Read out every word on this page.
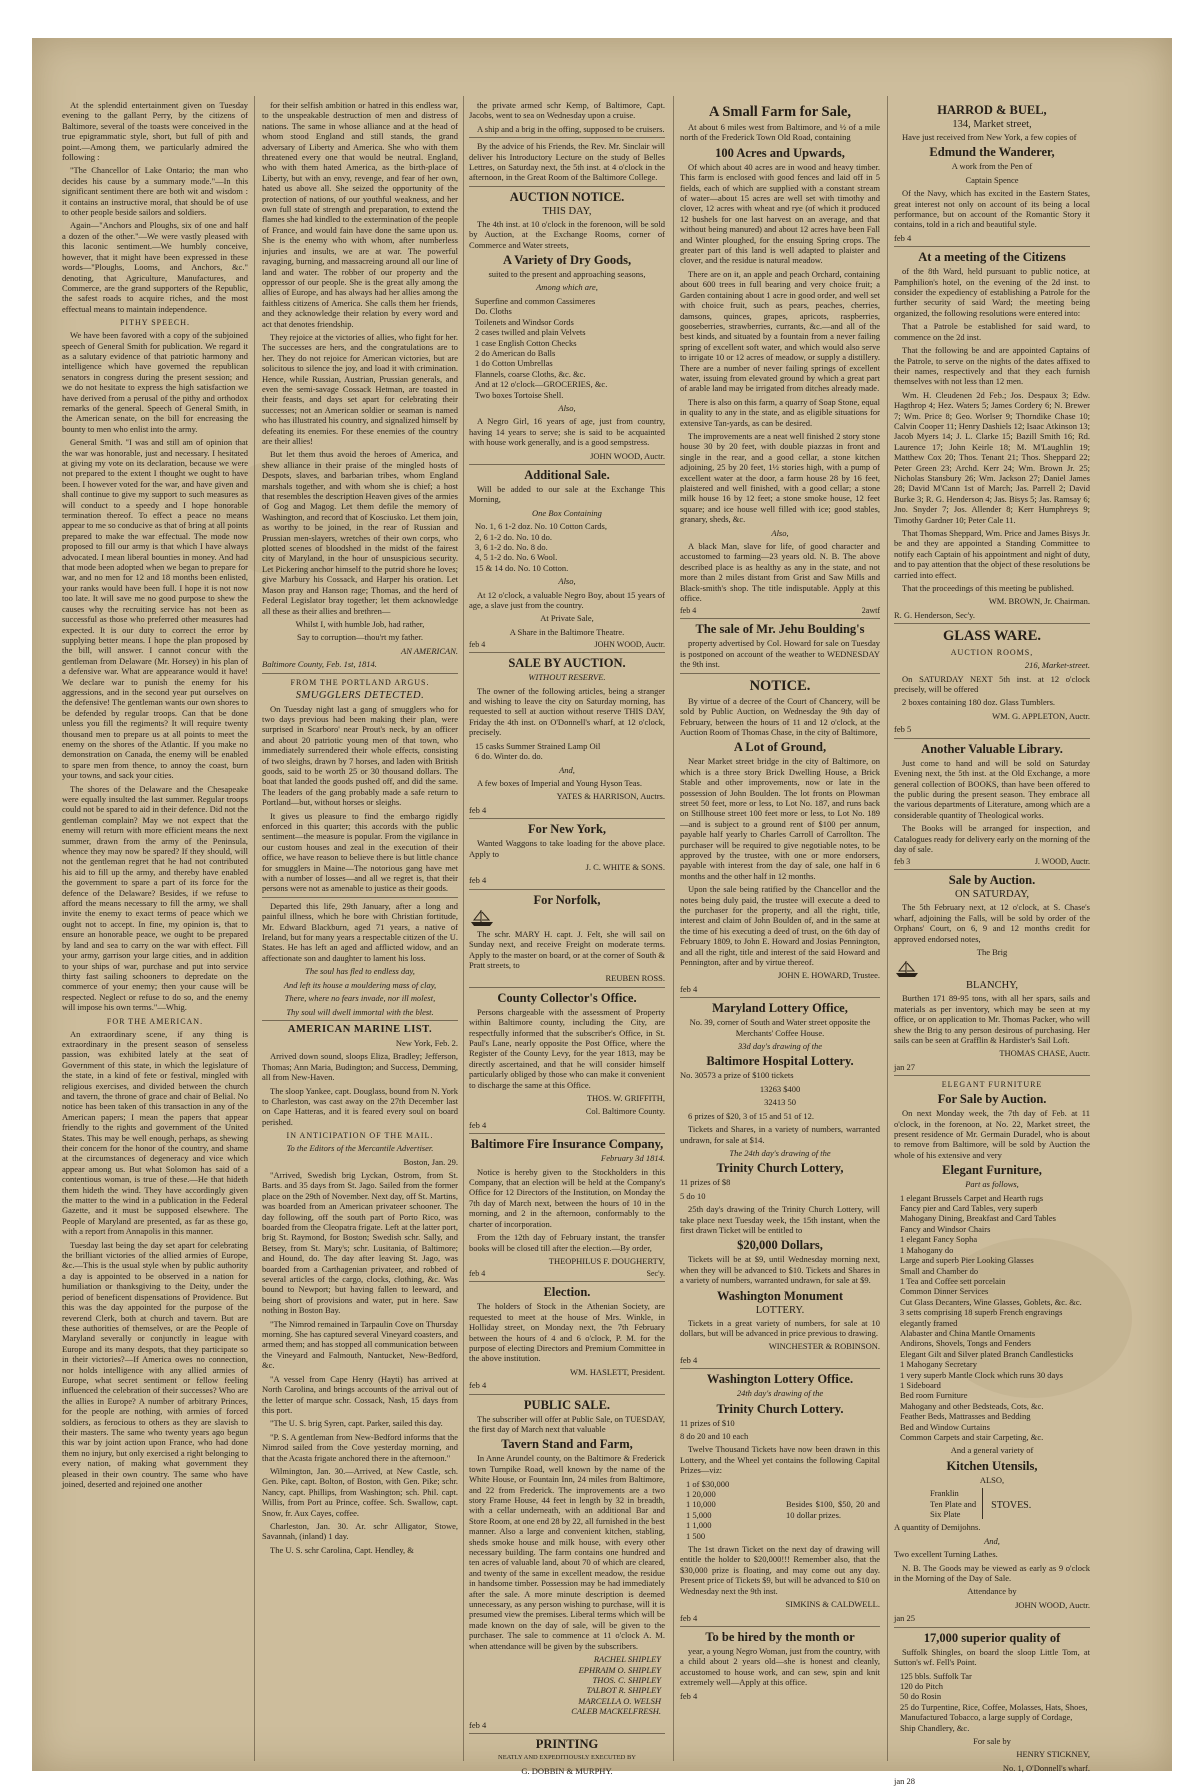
At the splendid entertainment given on Tuesday evening to the gallant Perry, by the citizens of Baltimore, several of the toasts were conceived in the true epigrammatic style, short, but full of pith and point.—Among them, we particularly admired the following :

"The Chancellor of Lake Ontario; the man who decides his cause by a summary mode."—In this significant sentiment there are both wit and wisdom : it contains an instructive moral, that should be of use to other people beside sailors and soldiers.

Again—"Anchors and Ploughs, six of one and half a dozen of the other."—We were vastly pleased with this laconic sentiment.—We humbly conceive, however, that it might have been expressed in these words—"Ploughs, Looms, and Anchors, &c." denoting, that Agriculture, Manufactures, and Commerce, are the grand supporters of the Republic, the safest roads to acquire riches, and the most effectual means to maintain independence.

PITHY SPEECH.

We have been favored with a copy of the subjoined speech of General Smith for publication. We regard it as a salutary evidence of that patriotic harmony and intelligence which have governed the republican senators in congress during the present session; and we do not hesitate to express the high satisfaction we have derived from a perusal of the pithy and orthodox remarks of the general. Speech of General Smith, in the American senate, on the bill for encreasing the bounty to men who enlist into the army.

General Smith. "I was and still am of opinion that the war was honorable, just and necessary. I hesitated at giving my vote on its declaration, because we were not prepared to the extent I thought we ought to have been. I however voted for the war, and have given and shall continue to give my support to such measures as will conduct to a speedy and I hope honorable termination thereof. To effect a peace no means appear to me so conducive as that of bring at all points prepared to make the war effectual. The mode now proposed to fill our army is that which I have always advocated. I mean liberal bounties in money. And had that mode been adopted when we began to prepare for war, and no men for 12 and 18 months been enlisted, your ranks would have been full. I hope it is not now too late. It will save me no good purpose to shew the causes why the recruiting service has not been as successful as those who preferred other measures had expected. It is our duty to correct the error by supplying better means. I hope the plan proposed by the bill, will answer. I cannot concur with the gentleman from Delaware (Mr. Horsey) in his plan of a defensive war. What are appearance would it have! We declare war to punish the enemy for his aggressions, and in the second year put ourselves on the defensive! The gentleman wants our own shores to be defended by regular troops. Can that be done unless you fill the regiments? It will require twenty thousand men to prepare us at all points to meet the enemy on the shores of the Atlantic. If you make no demonstration on Canada, the enemy will be enabled to spare men from thence, to annoy the coast, burn your towns, and sack your cities.

The shores of the Delaware and the Chesapeake were equally insulted the last summer. Regular troops could not be spared to aid in their defence. Did not the gentleman complain? May we not expect that the enemy will return with more efficient means the next summer, drawn from the army of the Peninsula, whence they may now be spared? If they should, will not the gentleman regret that he had not contributed his aid to fill up the army, and thereby have enabled the government to spare a part of its force for the defence of the Delaware? Besides, if we refuse to afford the means necessary to fill the army, we shall invite the enemy to exact terms of peace which we ought not to accept. In fine, my opinion is, that to ensure an honorable peace, we ought to be prepared by land and sea to carry on the war with effect. Fill your army, garrison your large cities, and in addition to your ships of war, purchase and put into service thirty fast sailing schooners to depredate on the commerce of your enemy; then your cause will be respected. Neglect or refuse to do so, and the enemy will impose his own terms."—Whig.

FOR THE AMERICAN.

An extraordinary scene, if any thing is extraordinary in the present season of senseless passion, was exhibited lately at the seat of Government of this state, in which the legislature of the state, in a kind of fete or festival, mingled with religious exercises, and divided between the church and tavern, the throne of grace and chair of Belial. No notice has been taken of this transaction in any of the American papers; I mean the papers that appear friendly to the rights and government of the United States. This may be well enough, perhaps, as shewing their concern for the honor of the country, and shame at the circumstances of degeneracy and vice which appear among us. But what Solomon has said of a contentious woman, is true of these.—He that hideth them hideth the wind. They have accordingly given the matter to the wind in a publication in the Federal Gazette, and it must be supposed elsewhere. The People of Maryland are presented, as far as these go, with a report from Annapolis in this manner.

Tuesday last being the day set apart for celebrating the brilliant victories of the allied armies of Europe, &c.—This is the usual style when by public authority a day is appointed to be observed in a nation for humiliation or thanksgiving to the Deity, under the period of beneficent dispensations of Providence. But this was the day appointed for the purpose of the reverend Clerk, both at church and tavern. But are these authorities of themselves, or are the People of Maryland severally or conjunctly in league with Europe and its many despots, that they participate so in their victories?—If America owes no connection, nor holds intelligence with any allied armies of Europe, what secret sentiment or fellow feeling influenced the celebration of their successes? Who are the allies in Europe? A number of arbitrary Princes, for the people are nothing, with armies of forced soldiers, as ferocious to others as they are slavish to their masters. The same who twenty years ago begun this war by joint action upon France, who had done them no injury, but only exercised a right belonging to every nation, of making what government they pleased in their own country. The same who have joined, deserted and rejoined one another

for their selfish ambition or hatred in this endless war, to the unspeakable destruction of men and distress of nations. The same in whose alliance and at the head of whom stood England and still stands, the grand adversary of Liberty and America. She who with them threatened every one that would be neutral. England, who with them hated America, as the birth-place of Liberty, but with an envy, revenge, and fear of her own, hated us above all. She seized the opportunity of the protection of nations, of our youthful weakness, and her own full state of strength and preparation, to extend the flames she had kindled to the extermination of the people of France, and would fain have done the same upon us. She is the enemy who with whom, after numberless injuries and insults, we are at war. The powerful ravaging, burning, and massacreing around all our line of land and water. The robber of our property and the oppressor of our people. She is the great ally among the allies of Europe, and has always had her allies among the faithless citizens of America. She calls them her friends, and they acknowledge their relation by every word and act that denotes friendship.

They rejoice at the victories of allies, who fight for her. The successes are hers, and the congratulations are to her. They do not rejoice for American victories, but are solicitous to silence the joy, and load it with crimination. Hence, while Russian, Austrian, Prussian generals, and even the semi-savage Cossack Hetman, are toasted in their feasts, and days set apart for celebrating their successes; not an American soldier or seaman is named who has illustrated his country, and signalized himself by defeating its enemies. For these enemies of the country are their allies!

But let them thus avoid the heroes of America, and shew alliance in their praise of the mingled hosts of Despots, slaves, and barbarian tribes, whom England marshals together, and with whom she is chief; a host that resembles the description Heaven gives of the armies of Gog and Magog. Let them defile the memory of Washington, and record that of Kosciusko. Let them join, as worthy to be joined, in the rear of Russian and Prussian men-slayers, wretches of their own corps, who plotted scenes of bloodshed in the midst of the fairest city of Maryland, in the hour of unsuspicious security. Let Pickering anchor himself to the putrid shore he loves; give Marbury his Cossack, and Harper his oration. Let Mason pray and Hanson rage; Thomas, and the herd of Federal Legislator bray together; let them acknowledge all these as their allies and brethren—

Whilst I, with humble Job, had rather,

Say to corruption—thou'rt my father.

AN AMERICAN.

Baltimore County, Feb. 1st, 1814.

FROM THE PORTLAND ARGUS.
SMUGGLERS DETECTED.

On Tuesday night last a gang of smugglers who for two days previous had been making their plan, were surprised in Scarboro' near Prout's neck, by an officer and about 20 patriotic young men of that town, who immediately surrendered their whole effects, consisting of two sleighs, drawn by 7 horses, and laden with British goods, said to be worth 25 or 30 thousand dollars. The boat that landed the goods pushed off, and did the same. The leaders of the gang probably made a safe return to Portland—but, without horses or sleighs.

It gives us pleasure to find the embargo rigidly enforced in this quarter; this accords with the public sentiment—the measure is popular. From the vigilance in our custom houses and zeal in the execution of their office, we have reason to believe there is but little chance for smugglers in Maine—The notorious gang have met with a number of losses—and all we regret is, that their persons were not as amenable to justice as their goods.

Departed this life, 29th January, after a long and painful illness, which he bore with Christian fortitude, Mr. Edward Blackburn, aged 71 years, a native of Ireland, but for many years a respectable citizen of the U. States. He has left an aged and afflicted widow, and an affectionate son and daughter to lament his loss.

The soul has fled to endless day,

And left its house a mouldering mass of clay,

There, where no fears invade, nor ill molest,

Thy soul will dwell immortal with the blest.

AMERICAN MARINE LIST.

New York, Feb. 2.

Arrived down sound, sloops Eliza, Bradley; Jefferson, Thomas; Ann Maria, Budington; and Success, Demming, all from New-Haven.

The sloop Yankee, capt. Douglass, bound from N. York to Charleston, was cast away on the 27th December last on Cape Hatteras, and it is feared every soul on board perished.

IN ANTICIPATION OF THE MAIL.

To the Editors of the Mercantile Advertiser.

Boston, Jan. 29.

"Arrived, Swedish brig Lyckan, Ostrom, from St. Barts. and 35 days from St. Jago. Sailed from the former place on the 29th of November. Next day, off St. Martins, was boarded from an American privateer schooner. The day following, off the south part of Porto Rico, was boarded from the Cleopatra frigate. Left at the latter port, brig St. Raymond, for Boston; Swedish schr. Sally, and Betsey, from St. Mary's; schr. Lusitania, of Baltimore; and Hound, do. The day after leaving St. Jago, was boarded from a Carthagenian privateer, and robbed of several articles of the cargo, clocks, clothing, &c. Was bound to Newport; but having fallen to leeward, and being short of provisions and water, put in here. Saw nothing in Boston Bay.

"The Nimrod remained in Tarpaulin Cove on Thursday morning. She has captured several Vineyard coasters, and armed them; and has stopped all communication between the Vineyard and Falmouth, Nantucket, New-Bedford, &c.

"A vessel from Cape Henry (Hayti) has arrived at North Carolina, and brings accounts of the arrival out of the letter of marque schr. Cossack, Nash, 15 days from this port.

"The U. S. brig Syren, capt. Parker, sailed this day.

"P. S. A gentleman from New-Bedford informs that the Nimrod sailed from the Cove yesterday morning, and that the Acasta frigate anchored there in the afternoon."

Wilmington, Jan. 30.—Arrived, at New Castle, sch. Gen. Pike, capt. Bolton, of Boston, with Gen. Pike; schr. Nancy, capt. Phillips, from Washington; sch. Phil. capt. Willis, from Port au Prince, coffee. Sch. Swallow, capt. Snow, fr. Aux Cayes, coffee.

Charleston, Jan. 30. Ar. schr Alligator, Stowe, Savannah, (inland) 1 day.

The U. S. schr Carolina, Capt. Hendley, &

the private armed schr Kemp, of Baltimore, Capt. Jacobs, went to sea on Wednesday upon a cruise.

A ship and a brig in the offing, supposed to be cruisers.

By the advice of his Friends, the Rev. Mr. Sinclair will deliver his Introductory Lecture on the study of Belles Lettres, on Saturday next, the 5th inst. at 4 o'clock in the afternoon, in the Great Room of the Baltimore College.

AUCTION NOTICE.
THIS DAY,

The 4th inst. at 10 o'clock in the forenoon, will be sold by Auction, at the Exchange Rooms, corner of Commerce and Water streets,

A Variety of Dry Goods,

suited to the present and approaching seasons,

Among which are,

Superfine and common Cassimeres
Do. Cloths
Toilenets and Windsor Cords
2 cases twilled and plain Velvets
1 case English Cotton Checks
2 do American do Balls
1 do Cotton Umbrellas
Flannels, coarse Cloths, &c. &c.
And at 12 o'clock—GROCERIES, &c.
Two boxes Tortoise Shell.

Also,

A Negro Girl, 16 years of age, just from country, having 14 years to serve; she is said to be acquainted with house work generally, and is a good sempstress.

JOHN WOOD, Auctr.

Additional Sale.

Will be added to our sale at the Exchange This Morning,

One Box Containing

No. 1, 6 1-2 doz. No. 10 Cotton Cards,
2, 6 1-2 do. No. 10 do.
3, 6 1-2 do. No. 8 do.
4, 5 1-2 do. No. 6 Wool.
15 & 14 do. No. 10 Cotton.

Also,

At 12 o'clock, a valuable Negro Boy, about 15 years of age, a slave just from the country.

At Private Sale,

A Share in the Baltimore Theatre.

feb 4	JOHN WOOD, Auctr.
SALE BY AUCTION.

WITHOUT RESERVE.

The owner of the following articles, being a stranger and wishing to leave the city on Saturday morning, has requested to sell at auction without reserve THIS DAY, Friday the 4th inst. on O'Donnell's wharf, at 12 o'clock, precisely.

15 casks Summer Strained Lamp Oil
6 do. Winter do. do.

And,

A few boxes of Imperial and Young Hyson Teas.

YATES & HARRISON, Auctrs.

feb 4

For New York,

Wanted Waggons to take loading for the above place. Apply to

J. C. WHITE & SONS.

feb 4

For Norfolk,

The schr. MARY H. capt. J. Felt, she will sail on Sunday next, and receive Freight on moderate terms. Apply to the master on board, or at the corner of South & Pratt streets, to

REUBEN ROSS.

County Collector's Office.

Persons chargeable with the assessment of Property within Baltimore county, including the City, are respectfully informed that the subscriber's Office, in St. Paul's Lane, nearly opposite the Post Office, where the Register of the County Levy, for the year 1813, may be directly ascertained, and that he will consider himself particularly obliged by those who can make it convenient to discharge the same at this Office.

THOS. W. GRIFFITH,

Col. Baltimore County.

feb 4

Baltimore Fire Insurance Company,

February 3d 1814.

Notice is hereby given to the Stockholders in this Company, that an election will be held at the Company's Office for 12 Directors of the Institution, on Monday the 7th day of March next, between the hours of 10 in the morning, and 2 in the afternoon, conformably to the charter of incorporation.

From the 12th day of February instant, the transfer books will be closed till after the election.—By order,

THEOPHILUS F. DOUGHERTY,

feb 4	Sec'y.
Election.

The holders of Stock in the Athenian Society, are requested to meet at the house of Mrs. Winkle, in Holliday street, on Monday next, the 7th February between the hours of 4 and 6 o'clock, P. M. for the purpose of electing Directors and Premium Committee in the above institution.

WM. HASLETT, President.

feb 4

PUBLIC SALE.

The subscriber will offer at Public Sale, on TUESDAY, the first day of March next that valuable

Tavern Stand and Farm,

In Anne Arundel county, on the Baltimore & Frederick town Turnpike Road, well known by the name of the White House, or Fountain Inn, 24 miles from Baltimore, and 22 from Frederick. The improvements are a two story Frame House, 44 feet in length by 32 in breadth, with a cellar underneath, with an additional Bar and Store Room, at one end 28 by 22, all furnished in the best manner. Also a large and convenient kitchen, stabling, sheds smoke house and milk house, with every other necessary building. The farm contains one hundred and ten acres of valuable land, about 70 of which are cleared, and twenty of the same in excellent meadow, the residue in handsome timber. Possession may be had immediately after the sale. A more minute description is deemed unnecessary, as any person wishing to purchase, will it is presumed view the premises. Liberal terms which will be made known on the day of sale, will be given to the purchaser. The sale to commence at 11 o'clock A. M. when attendance will be given by the subscribers.

RACHEL SHIPLEY
EPHRAIM O. SHIPLEY
THOS. C. SHIPLEY
TALBOT R. SHIPLEY
MARCELLA O. WELSH
CALEB MACKELFRESH.

feb 4

PRINTING

NEATLY AND EXPEDITIOUSLY EXECUTED BY

G. DOBBIN & MURPHY.

A Small Farm for Sale,

At about 6 miles west from Baltimore, and ½ of a mile north of the Frederick Town Old Road, containing

100 Acres and Upwards,

Of which about 40 acres are in wood and heavy timber. This farm is enclosed with good fences and laid off in 5 fields, each of which are supplied with a constant stream of water—about 15 acres are well set with timothy and clover, 12 acres with wheat and rye (of which it produced 12 bushels for one last harvest on an average, and that without being manured) and about 12 acres have been Fall and Winter ploughed, for the ensuing Spring crops. The greater part of this land is well adapted to plaister and clover, and the residue is natural meadow.

There are on it, an apple and peach Orchard, containing about 600 trees in full bearing and very choice fruit; a Garden containing about 1 acre in good order, and well set with choice fruit, such as pears, peaches, cherries, damsons, quinces, grapes, apricots, raspberries, gooseberries, strawberries, currants, &c.—and all of the best kinds, and situated by a fountain from a never failing spring of excellent soft water, and which would also serve to irrigate 10 or 12 acres of meadow, or supply a distillery. There are a number of never failing springs of excellent water, issuing from elevated ground by which a great part of arable land may be irrigated from ditches already made.

There is also on this farm, a quarry of Soap Stone, equal in quality to any in the state, and as eligible situations for extensive Tan-yards, as can be desired.

The improvements are a neat well finished 2 story stone house 30 by 20 feet, with double piazzas in front and single in the rear, and a good cellar, a stone kitchen adjoining, 25 by 20 feet, 1½ stories high, with a pump of excellent water at the door, a farm house 28 by 16 feet, plaistered and well finished, with a good cellar; a stone milk house 16 by 12 feet; a stone smoke house, 12 feet square; and ice house well filled with ice; good stables, granary, sheds, &c.

Also,

A black Man, slave for life, of good character and accustomed to farming—23 years old. N. B. The above described place is as healthy as any in the state, and not more than 2 miles distant from Grist and Saw Mills and Black-smith's shop. The title indisputable. Apply at this office.

feb 4	2awtf
The sale of Mr. Jehu Boulding's

property advertised by Col. Howard for sale on Tuesday is postponed on account of the weather to WEDNESDAY the 9th inst.

NOTICE.

By virtue of a decree of the Court of Chancery, will be sold by Public Auction, on Wednesday the 9th day of February, between the hours of 11 and 12 o'clock, at the Auction Room of Thomas Chase, in the city of Baltimore,

A Lot of Ground,

Near Market street bridge in the city of Baltimore, on which is a three story Brick Dwelling House, a Brick Stable and other improvements, now or late in the possession of John Boulden. The lot fronts on Plowman street 50 feet, more or less, to Lot No. 187, and runs back on Stillhouse street 100 feet more or less, to Lot No. 189—and is subject to a ground rent of $100 per annum, payable half yearly to Charles Carroll of Carrollton. The purchaser will be required to give negotiable notes, to be approved by the trustee, with one or more endorsers, payable with interest from the day of sale, one half in 6 months and the other half in 12 months.

Upon the sale being ratified by the Chancellor and the notes being duly paid, the trustee will execute a deed to the purchaser for the property, and all the right, title, interest and claim of John Boulden of, and in the same at the time of his executing a deed of trust, on the 6th day of February 1809, to John E. Howard and Josias Pennington, and all the right, title and interest of the said Howard and Pennington, after and by virtue thereof.

JOHN E. HOWARD, Trustee.

feb 4

Maryland Lottery Office,

No. 39, corner of South and Water street opposite the Merchants' Coffee House.

33d day's drawing of the

Baltimore Hospital Lottery.

No. 30573 a prize of $100 tickets

13263 $400

32413 50

6 prizes of $20, 3 of 15 and 51 of 12.

Tickets and Shares, in a variety of numbers, warranted undrawn, for sale at $14.

The 24th day's drawing of the

Trinity Church Lottery,

11 prizes of $8

5 do 10

25th day's drawing of the Trinity Church Lottery, will take place next Tuesday week, the 15th instant, when the first drawn Ticket will be entitled to

$20,000 Dollars,

Tickets will be at $9, until Wednesday morning next, when they will be advanced to $10. Tickets and Shares in a variety of numbers, warranted undrawn, for sale at $9.

Washington Monument
LOTTERY.

Tickets in a great variety of numbers, for sale at 10 dollars, but will be advanced in price previous to drawing.

WINCHESTER & ROBINSON.

feb 4

Washington Lottery Office.

24th day's drawing of the

Trinity Church Lottery.

11 prizes of $10

8 do 20 and 10 each

Twelve Thousand Tickets have now been drawn in this Lottery, and the Wheel yet contains the following Capital Prizes—viz:

1 of $30,000
1 20,000
1 10,000
1 5,000
1 1,000
1 500

Besides $100, $50, 20 and 10 dollar prizes.

The 1st drawn Ticket on the next day of drawing will entitle the holder to $20,000!!! Remember also, that the $30,000 prize is floating, and may come out any day. Present price of Tickets $9, but will be advanced to $10 on Wednesday next the 9th inst.

SIMKINS & CALDWELL.

feb 4

To be hired by the month or

year, a young Negro Woman, just from the country, with a child about 2 years old—she is honest and cleanly, accustomed to house work, and can sew, spin and knit extremely well—Apply at this office.

feb 4

HARROD & BUEL,
134, Market street,

Have just received from New York, a few copies of

Edmund the Wanderer,

A work from the Pen of

Captain Spence

Of the Navy, which has excited in the Eastern States, great interest not only on account of its being a local performance, but on account of the Romantic Story it contains, told in a rich and beautiful style.

feb 4

At a meeting of the Citizens

of the 8th Ward, held pursuant to public notice, at Pamphilion's hotel, on the evening of the 2d inst. to consider the expediency of establishing a Patrole for the further security of said Ward; the meeting being organized, the following resolutions were entered into:

That a Patrole be established for said ward, to commence on the 2d inst.

That the following be and are appointed Captains of the Patrole, to serve on the nights of the dates affixed to their names, respectively and that they each furnish themselves with not less than 12 men.

Wm. H. Cleudenen 2d Feb.; Jos. Despaux 3; Edw. Hagthrop 4; Hez. Waters 5; James Cordery 6; N. Brewer 7; Wm. Price 8; Geo. Worlser 9; Thorndike Chase 10; Calvin Cooper 11; Henry Dashiels 12; Isaac Atkinson 13; Jacob Myers 14; J. L. Clarke 15; Bazill Smith 16; Rd. Laurence 17; John Keirle 18; M. M'Laughlin 19; Matthew Cox 20; Thos. Tenant 21; Thos. Sheppard 22; Peter Green 23; Archd. Kerr 24; Wm. Brown Jr. 25; Nicholas Stansbury 26; Wm. Jackson 27; Daniel James 28; David M'Cann 1st of March; Jas. Parrell 2; David Burke 3; R. G. Henderson 4; Jas. Bisys 5; Jas. Ramsay 6; Jno. Snyder 7; Jos. Allender 8; Kerr Humphreys 9; Timothy Gardner 10; Peter Cale 11.

That Thomas Sheppard, Wm. Price and James Bisys Jr. be and they are appointed a Standing Committee to notify each Captain of his appointment and night of duty, and to pay attention that the object of these resolutions be carried into effect.

That the proceedings of this meeting be published.

WM. BROWN, Jr. Chairman.

R. G. Henderson, Sec'y.

GLASS WARE.
AUCTION ROOMS,

216, Market-street.

On SATURDAY NEXT 5th inst. at 12 o'clock precisely, will be offered

2 boxes containing 180 doz. Glass Tumblers.

WM. G. APPLETON, Auctr.

feb 5

Another Valuable Library.

Just come to hand and will be sold on Saturday Evening next, the 5th inst. at the Old Exchange, a more general collection of BOOKS, than have been offered to the public during the present season. They embrace all the various departments of Literature, among which are a considerable quantity of Theological works.

The Books will be arranged for inspection, and Catalogues ready for delivery early on the morning of the day of sale.

feb 3	J. WOOD, Auctr.
Sale by Auction.
ON SATURDAY,

The 5th February next, at 12 o'clock, at S. Chase's wharf, adjoining the Falls, will be sold by order of the Orphans' Court, on 6, 9 and 12 months credit for approved endorsed notes,

The Brig

BLANCHY,

Burthen 171 89-95 tons, with all her spars, sails and materials as per inventory, which may be seen at my office, or on application to Mr. Thomas Packer, who will shew the Brig to any person desirous of purchasing. Her sails can be seen at Grafflin & Hardister's Sail Loft.

THOMAS CHASE, Auctr.

jan 27

ELEGANT FURNITURE
For Sale by Auction.

On next Monday week, the 7th day of Feb. at 11 o'clock, in the forenoon, at No. 22, Market street, the present residence of Mr. Germain Duradel, who is about to remove from Baltimore, will be sold by Auction the whole of his extensive and very

Elegant Furniture,

Part as follows,

1 elegant Brussels Carpet and Hearth rugs
Fancy pier and Card Tables, very superb
Mahogany Dining, Breakfast and Card Tables
Fancy and Windsor Chairs
1 elegant Fancy Sopha
1 Mahogany do
Large and superb Pier Looking Glasses
Small and Chamber do
1 Tea and Coffee sett porcelain
Common Dinner Services
Cut Glass Decanters, Wine Glasses, Goblets, &c. &c.
3 setts comprising 18 superb French engravings elegantly framed
Alabaster and China Mantle Ornaments
Andirons, Shovels, Tongs and Fenders
Elegant Gilt and Silver plated Branch Candlesticks
1 Mahogany Secretary
1 very superb Mantle Clock which runs 30 days
1 Sideboard
Bed room Furniture
Mahogany and other Bedsteads, Cots, &c.
Feather Beds, Mattrasses and Bedding
Bed and Window Curtains
Common Carpets and stair Carpeting, &c.

And a general variety of

Kitchen Utensils,

ALSO,

Franklin
Ten Plate and
Six Plate
STOVES.

A quantity of Demijohns.

And,

Two excellent Turning Lathes.

N. B. The Goods may be viewed as early as 9 o'clock in the Morning of the Day of Sale.

Attendance by

JOHN WOOD, Auctr.

jan 25

17,000 superior quality of

Suffolk Shingles, on board the sloop Little Tom, at Sutton's wf. Fell's Point.

125 bbls. Suffolk Tar
120 do Pitch
50 do Rosin
25 do Turpentine, Rice, Coffee, Molasses, Hats, Shoes, Manufactured Tobacco, a large supply of Cordage, Ship Chandlery, &c.

For sale by

HENRY STICKNEY,

No. 1, O'Donnell's wharf.

jan 28
